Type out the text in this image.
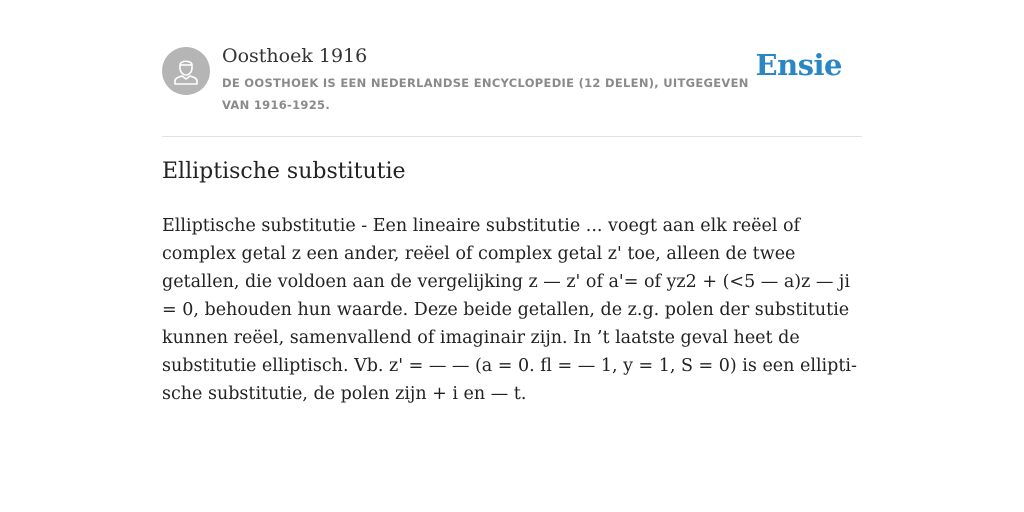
Oosthoek 1916
DE OOSTHOEK IS EEN NEDERLANDSE ENCYCLOPEDIE (12 DELEN), UITGEGEVEN VAN 1916-1925.
Ensie
Elliptische substitutie

Elliptische substitutie - Een lineaire substitutie ... voegt aan elk reëel of complex getal z een ander, reëel of complex getal z' toe, alleen de twee getallen, die voldoen aan de vergelijking z — z' of a'= of yz2 + (<5 — a)z — ji = 0, behouden hun waarde. Deze beide getallen, de z.g. polen der substitutie kunnen reëel, samenvallend of imaginair zijn. In ’t laatste geval heet de substitutie elliptisch. Vb. z' = — — (a = 0. fl = — 1, y = 1, S = 0) is een ellipti-sche substitutie, de polen zijn + i en — t.
